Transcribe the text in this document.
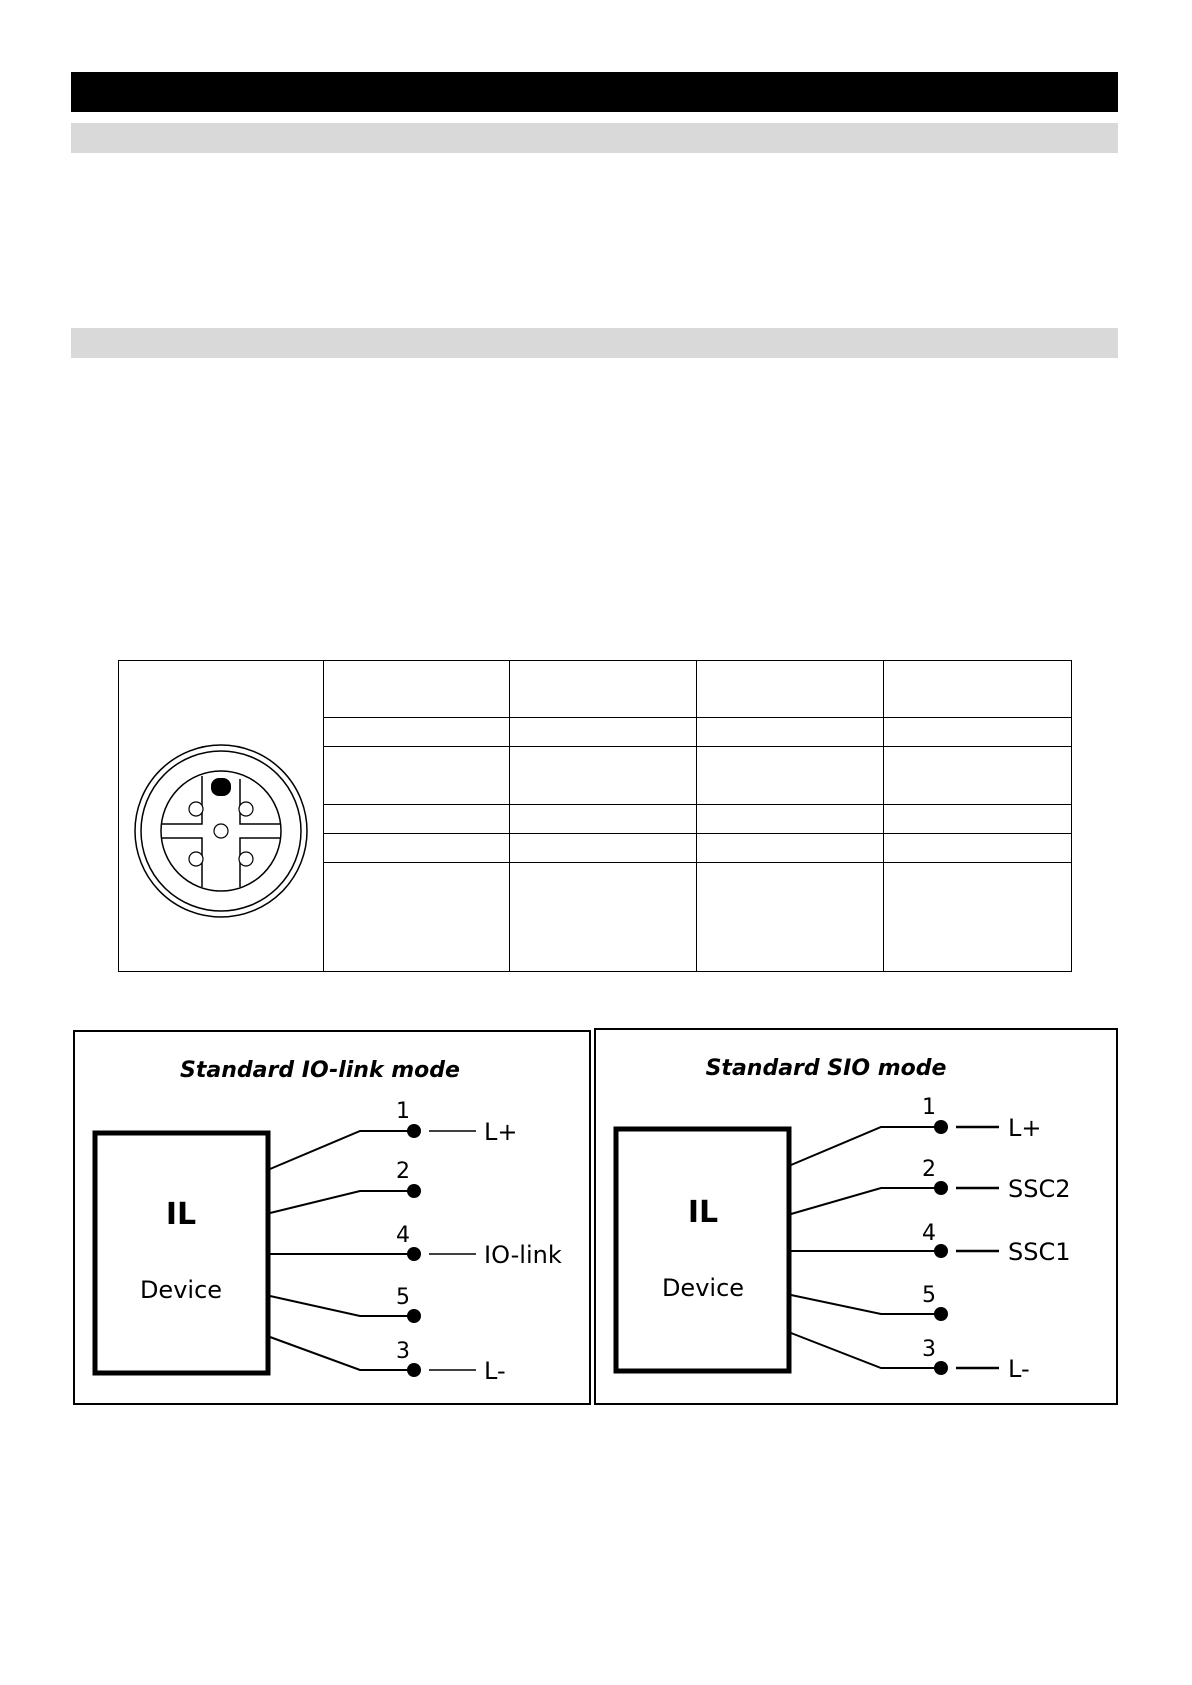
Standard IO-link mode
IL
Device
1
2
4
5
3
L+
IO-link
L-
Standard SIO mode
IL
Device
1
2
4
5
3
L+
SSC2
SSC1
L-
